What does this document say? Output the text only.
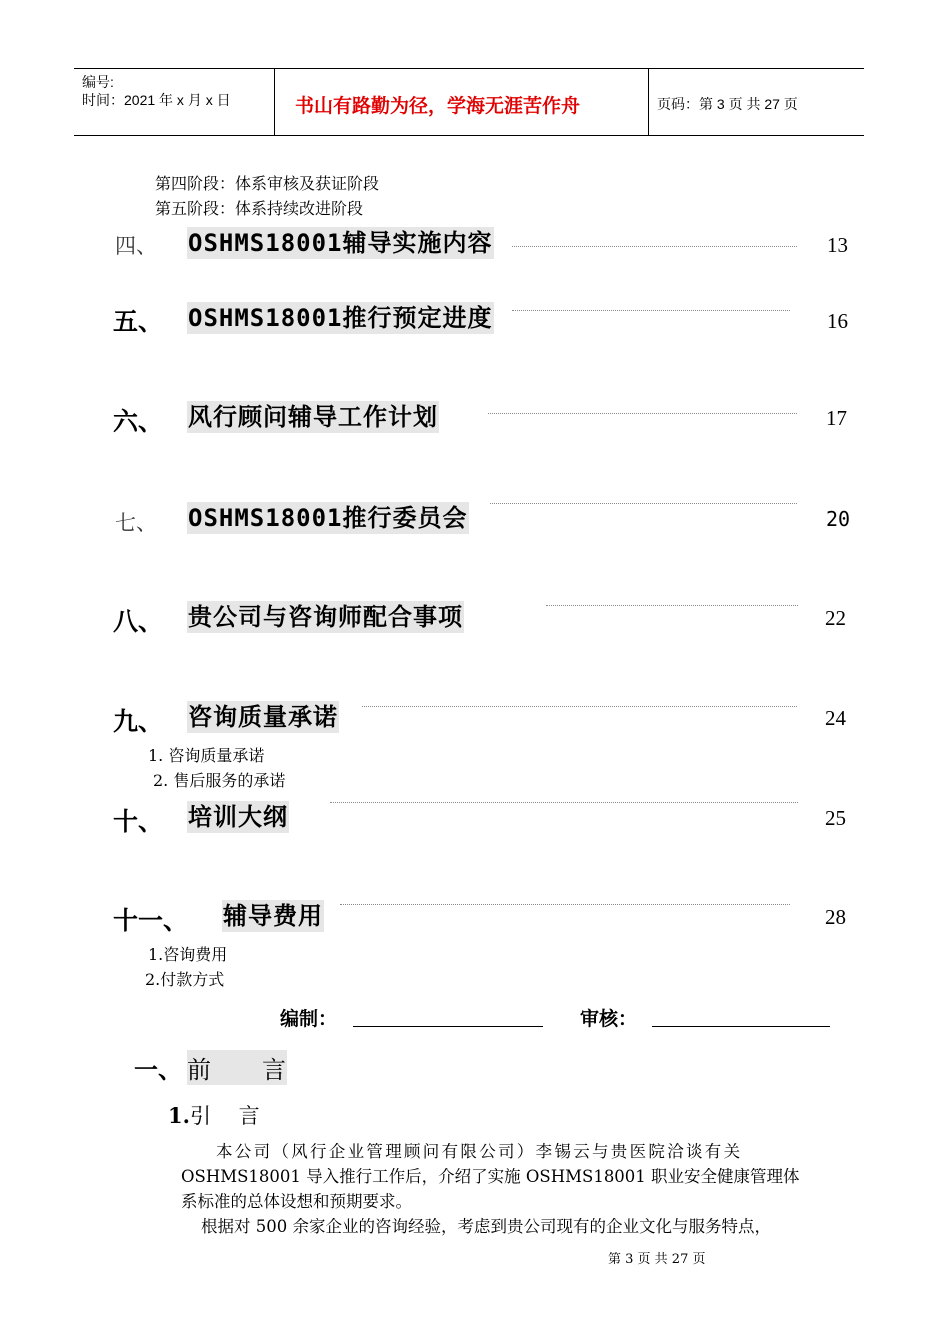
编号:
时间：2021 年 x 月 x 日	书山有路勤为径，学海无涯苦作舟	页码：第 3 页 共 27 页
第四阶段：体系审核及获证阶段
第五阶段：体系持续改进阶段
四、 OSHMS18001辅导实施内容	13
五、 OSHMS18001推行预定进度	16
六、 风行顾问辅导工作计划	17
七、 OSHMS18001推行委员会	20
八、 贵公司与咨询师配合事项	22
九、 咨询质量承诺	24
1. 咨询质量承诺
2. 售后服务的承诺
十、 培训大纲	25
十一、 辅导费用	28
1.咨询费用
2.付款方式
编制：	审核：
一、 前　　言
1.引　 言
本公司（风行企业管理顾问有限公司）李锡云与贵医院洽谈有关
OSHMS18001 导入推行工作后，介绍了实施 OSHMS18001 职业安全健康管理体
系标准的总体设想和预期要求。
根据对 500 余家企业的咨询经验，考虑到贵公司现有的企业文化与服务特点，
第 3 页 共 27 页
